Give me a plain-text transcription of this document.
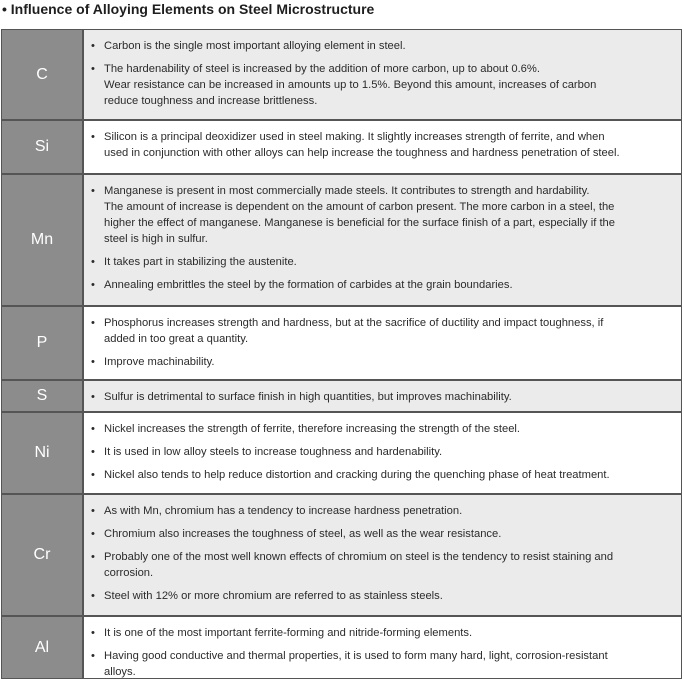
• Influence of Alloying Elements on Steel Microstructure
C
• Carbon is the single most important alloying element in steel.
• The hardenability of steel is increased by the addition of more carbon, up to about 0.6%.
Wear resistance can be increased in amounts up to 1.5%. Beyond this amount, increases of carbon
reduce toughness and increase brittleness.
Si
• Silicon is a principal deoxidizer used in steel making. It slightly increases strength of ferrite, and when
used in conjunction with other alloys can help increase the toughness and hardness penetration of steel.
Mn
• Manganese is present in most commercially made steels. It contributes to strength and hardability.
The amount of increase is dependent on the amount of carbon present. The more carbon in a steel, the
higher the effect of manganese. Manganese is beneficial for the surface finish of a part, especially if the
steel is high in sulfur.
• It takes part in stabilizing the austenite.
• Annealing embrittles the steel by the formation of carbides at the grain boundaries.
P
• Phosphorus increases strength and hardness, but at the sacrifice of ductility and impact toughness, if
added in too great a quantity.
• Improve machinability.
S	• Sulfur is detrimental to surface finish in high quantities, but improves machinability.
Ni
• Nickel increases the strength of ferrite, therefore increasing the strength of the steel.
• It is used in low alloy steels to increase toughness and hardenability.
• Nickel also tends to help reduce distortion and cracking during the quenching phase of heat treatment.
Cr
• As with Mn, chromium has a tendency to increase hardness penetration.
• Chromium also increases the toughness of steel, as well as the wear resistance.
• Probably one of the most well known effects of chromium on steel is the tendency to resist staining and
corrosion.
• Steel with 12% or more chromium are referred to as stainless steels.
Al
• It is one of the most important ferrite-forming and nitride-forming elements.
• Having good conductive and thermal properties, it is used to form many hard, light, corrosion-resistant
alloys.
